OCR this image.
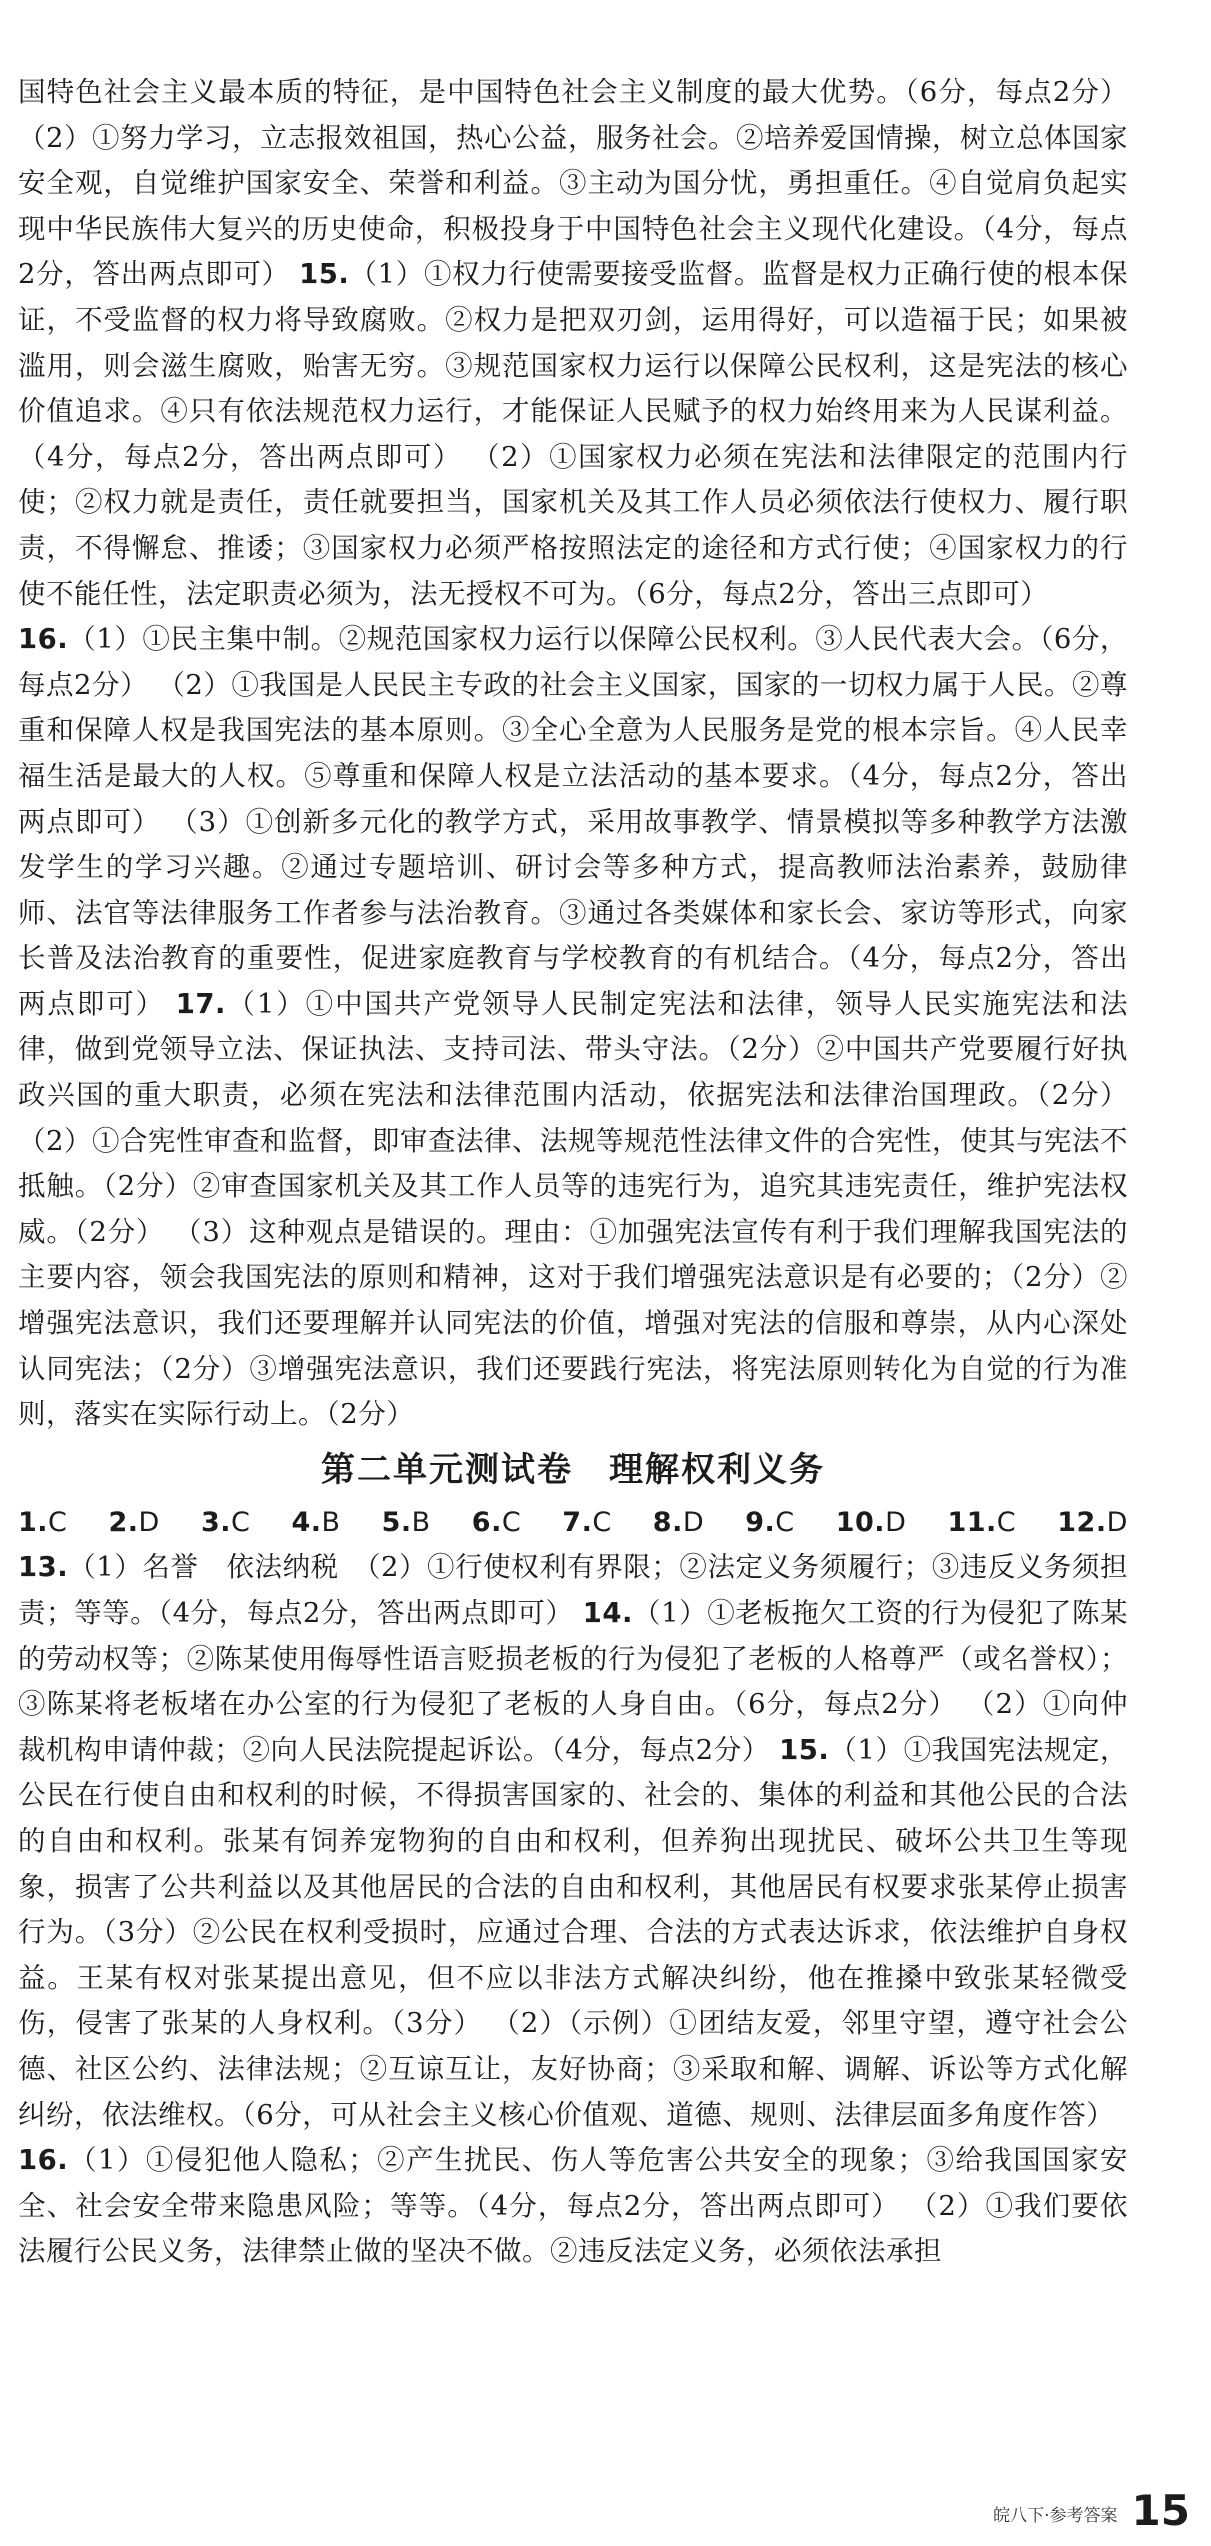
国特色社会主义最本质的特征，是中国特色社会主义制度的最大优势。（6分，每点2分） （2）①努力学习，立志报效祖国，热心公益，服务社会。②培养爱国情操，树立总体国家安全观，自觉维护国家安全、荣誉和利益。③主动为国分忧，勇担重任。④自觉肩负起实现中华民族伟大复兴的历史使命，积极投身于中国特色社会主义现代化建设。（4分，每点2分，答出两点即可） 15.（1）①权力行使需要接受监督。监督是权力正确行使的根本保证，不受监督的权力将导致腐败。②权力是把双刃剑，运用得好，可以造福于民；如果被滥用，则会滋生腐败，贻害无穷。③规范国家权力运行以保障公民权利，这是宪法的核心价值追求。④只有依法规范权力运行，才能保证人民赋予的权力始终用来为人民谋利益。（4分，每点2分，答出两点即可） （2）①国家权力必须在宪法和法律限定的范围内行使；②权力就是责任，责任就要担当，国家机关及其工作人员必须依法行使权力、履行职责，不得懈怠、推诿；③国家权力必须严格按照法定的途径和方式行使；④国家权力的行使不能任性，法定职责必须为，法无授权不可为。（6分，每点2分，答出三点即可）

16.（1）①民主集中制。②规范国家权力运行以保障公民权利。③人民代表大会。（6分，每点2分） （2）①我国是人民民主专政的社会主义国家，国家的一切权力属于人民。②尊重和保障人权是我国宪法的基本原则。③全心全意为人民服务是党的根本宗旨。④人民幸福生活是最大的人权。⑤尊重和保障人权是立法活动的基本要求。（4分，每点2分，答出两点即可） （3）①创新多元化的教学方式，采用故事教学、情景模拟等多种教学方法激发学生的学习兴趣。②通过专题培训、研讨会等多种方式，提高教师法治素养，鼓励律师、法官等法律服务工作者参与法治教育。③通过各类媒体和家长会、家访等形式，向家长普及法治教育的重要性，促进家庭教育与学校教育的有机结合。（4分，每点2分，答出两点即可） 17.（1）①中国共产党领导人民制定宪法和法律，领导人民实施宪法和法律，做到党领导立法、保证执法、支持司法、带头守法。（2分）②中国共产党要履行好执政兴国的重大职责，必须在宪法和法律范围内活动，依据宪法和法律治国理政。（2分） （2）①合宪性审查和监督，即审查法律、法规等规范性法律文件的合宪性，使其与宪法不抵触。（2分）②审查国家机关及其工作人员等的违宪行为，追究其违宪责任，维护宪法权威。（2分） （3）这种观点是错误的。理由：①加强宪法宣传有利于我们理解我国宪法的主要内容，领会我国宪法的原则和精神，这对于我们增强宪法意识是有必要的；（2分）②增强宪法意识，我们还要理解并认同宪法的价值，增强对宪法的信服和尊崇，从内心深处认同宪法；（2分）③增强宪法意识，我们还要践行宪法，将宪法原则转化为自觉的行为准则，落实在实际行动上。（2分）

第二单元测试卷 理解权利义务
1.C 2.D 3.C 4.B 5.B 6.C 7.C 8.D 9.C 10.D 11.C 12.D

13.（1）名誉　依法纳税　（2）①行使权利有界限；②法定义务须履行；③违反义务须担责；等等。（4分，每点2分，答出两点即可） 14.（1）①老板拖欠工资的行为侵犯了陈某的劳动权等；②陈某使用侮辱性语言贬损老板的行为侵犯了老板的人格尊严（或名誉权）；③陈某将老板堵在办公室的行为侵犯了老板的人身自由。（6分，每点2分） （2）①向仲裁机构申请仲裁；②向人民法院提起诉讼。（4分，每点2分） 15.（1）①我国宪法规定，公民在行使自由和权利的时候，不得损害国家的、社会的、集体的利益和其他公民的合法的自由和权利。张某有饲养宠物狗的自由和权利，但养狗出现扰民、破坏公共卫生等现象，损害了公共利益以及其他居民的合法的自由和权利，其他居民有权要求张某停止损害行为。（3分）②公民在权利受损时，应通过合理、合法的方式表达诉求，依法维护自身权益。王某有权对张某提出意见，但不应以非法方式解决纠纷，他在推搡中致张某轻微受伤，侵害了张某的人身权利。（3分） （2）（示例）①团结友爱，邻里守望，遵守社会公德、社区公约、法律法规；②互谅互让，友好协商；③采取和解、调解、诉讼等方式化解纠纷，依法维权。（6分，可从社会主义核心价值观、道德、规则、法律层面多角度作答）

16.（1）①侵犯他人隐私；②产生扰民、伤人等危害公共安全的现象；③给我国国家安全、社会安全带来隐患风险；等等。（4分，每点2分，答出两点即可） （2）①我们要依法履行公民义务，法律禁止做的坚决不做。②违反法定义务，必须依法承担

皖八下·参考答案 15
